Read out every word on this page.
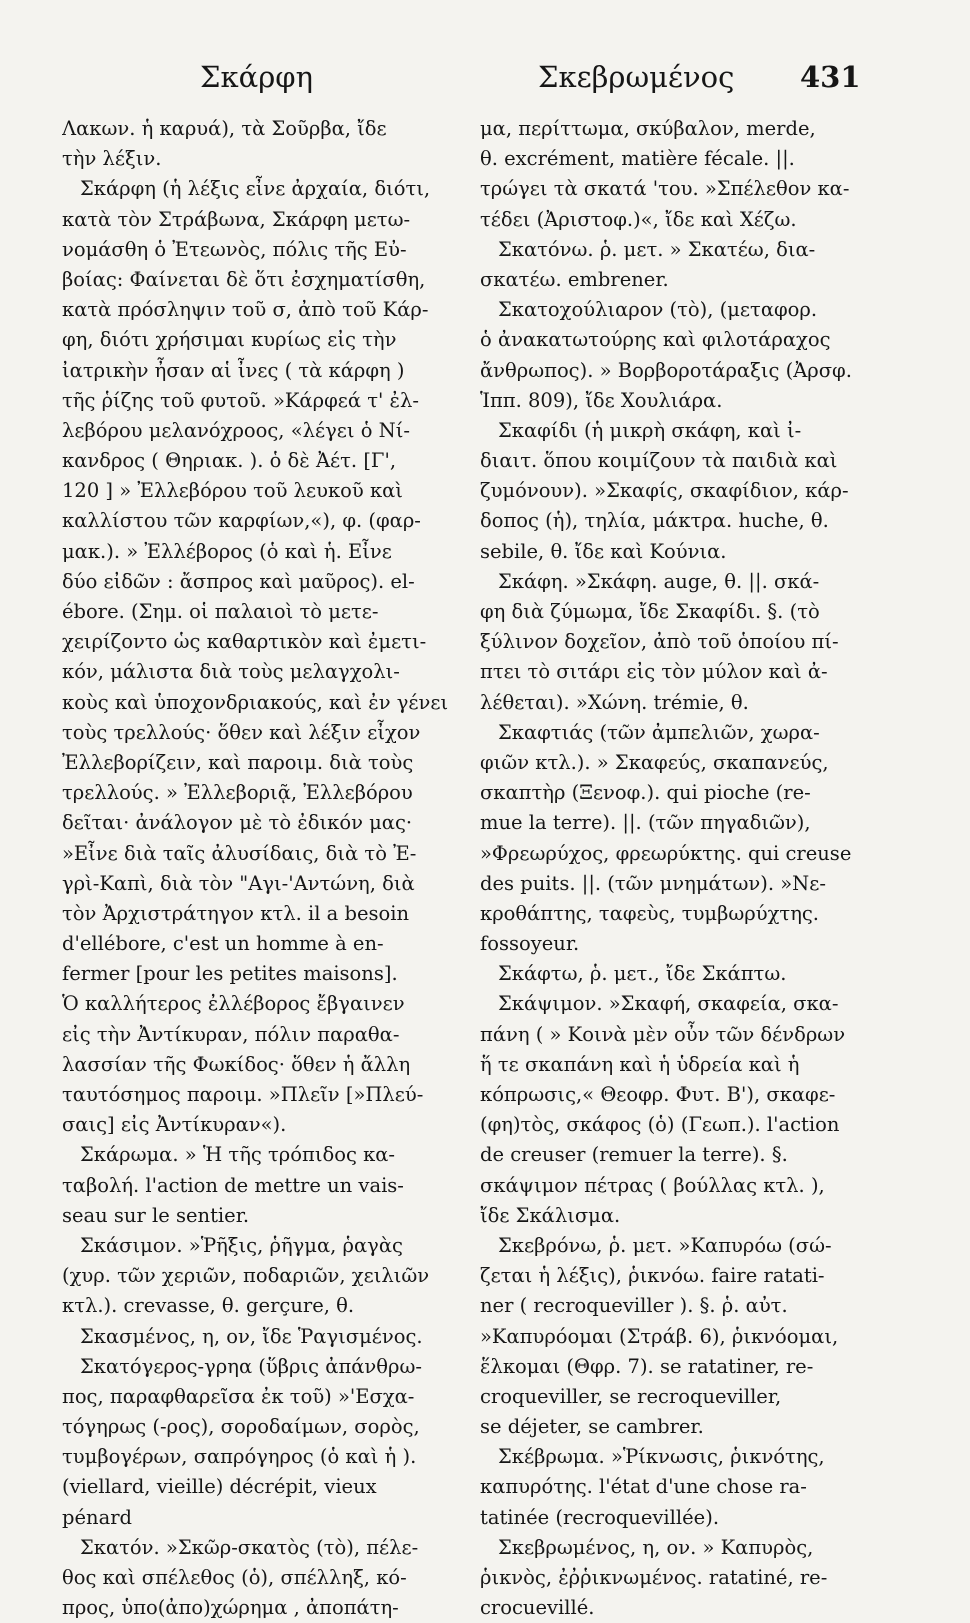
Σκάρφη	Σκεβρωμένος 431
Λακων. ἡ καρυά), τὰ Σοῦρβα, ἴδε
τὴν λέξιν.
Σκάρφη (ἡ λέξις εἶνε ἀρχαία, διότι,
κατὰ τὸν Στράβωνα, Σκάρφη μετω-
νομάσθη ὁ Ἐτεωνὸς, πόλις τῆς Εὐ-
βοίας: Φαίνεται δὲ ὅτι ἐσχηματίσθη,
κατὰ πρόσληψιν τοῦ σ, ἀπὸ τοῦ Κάρ-
φη, διότι χρήσιμαι κυρίως εἰς τὴν
ἰατρικὴν ἦσαν αἱ ἶνες ( τὰ κάρφη )
τῆς ῥίζης τοῦ φυτοῦ. »Κάρφεά τ' ἐλ-
λεβόρου μελανόχροος, «λέγει ὁ Νί-
κανδρος ( Θηριακ. ). ὁ δὲ Ἀέτ. [Γ',
120 ] » Ἐλλεβόρου τοῦ λευκοῦ καὶ
καλλίστου τῶν καρφίων,«), φ. (φαρ-
μακ.). » Ἐλλέβορος (ὁ καὶ ἡ. Εἶνε
δύο εἰδῶν : ἄσπρος καὶ μαῦρος). el-
ébore. (Σημ. οἱ παλαιοὶ τὸ μετε-
χειρίζοντο ὡς καθαρτικὸν καὶ ἐμετι-
κόν, μάλιστα διὰ τοὺς μελαγχολι-
κοὺς καὶ ὑποχονδριακούς, καὶ ἐν γένει
τοὺς τρελλούς· ὅθεν καὶ λέξιν εἶχον
Ἐλλεβορίζειν, καὶ παροιμ. διὰ τοὺς
τρελλούς. » Ἐλλεβοριᾷ, Ἐλλεβόρου
δεῖται· ἀνάλογον μὲ τὸ ἐδικόν μας·
»Εἶνε διὰ ταῖς ἀλυσίδαις, διὰ τὸ Ἐ-
γρὶ-Καπὶ, διὰ τὸν "Αγι-'Αντώνη, διὰ
τὸν Ἀρχιστράτηγον κτλ. il a besoin
d'ellébore, c'est un homme à en-
fermer [pour les petites maisons].
Ὁ καλλήτερος ἐλλέβορος ἔβγαινεν
εἰς τὴν Ἀντίκυραν, πόλιν παραθα-
λασσίαν τῆς Φωκίδος· ὅθεν ἡ ἄλλη
ταυτόσημος παροιμ. »Πλεῖν [»Πλεύ-
σαις] εἰς Ἀντίκυραν«).
Σκάρωμα. » Ἡ τῆς τρόπιδος κα-
ταβολή. l'action de mettre un vais-
seau sur le sentier.
Σκάσιμον. »Ῥῆξις, ῥῆγμα, ῥαγὰς
(χυρ. τῶν χεριῶν, ποδαριῶν, χειλιῶν
κτλ.). crevasse, θ. gerçure, θ.
Σκασμένος, η, ον, ἴδε Ῥαγισμένος.
Σκατόγερος-γρηα (ὕβρις ἀπάνθρω-
πος, παραφθαρεῖσα ἐκ τοῦ) »'Εσχα-
τόγηρως (-ρος), σοροδαίμων, σορὸς,
τυμβογέρων, σαπρόγηρος (ὁ καὶ ἡ ).
(viellard, vieille) décrépit, vieux
pénard
Σκατόν. »Σκῶρ-σκατὸς (τὸ), πέλε-
θος καὶ σπέλεθος (ὁ), σπέλληξ, κό-
προς, ὑπο(ἀπο)χώρημα , ἀποπάτη-
μα, περίττωμα, σκύβαλον, merde,
θ. excrément, matière fécale. ||.
τρώγει τὰ σκατά 'του. »Σπέλεθον κα-
τέδει (Ἀριστοφ.)«, ἴδε καὶ Χέζω.
Σκατόνω. ῥ. μετ. » Σκατέω, δια-
σκατέω. embrener.
Σκατοχούλιαρον (τὸ), (μεταφορ.
ὁ ἀνακατωτούρης καὶ φιλοτάραχος
ἄνθρωπος). » Βορβοροτάραξις (Ἀρσφ.
Ἱππ. 809), ἴδε Χουλιάρα.
Σκαφίδι (ἡ μικρὴ σκάφη, καὶ ἰ-
διαιτ. ὅπου κοιμίζουν τὰ παιδιὰ καὶ
ζυμόνουν). »Σκαφίς, σκαφίδιον, κάρ-
δοπος (ἡ), τηλία, μάκτρα. huche, θ.
sebile, θ. ἴδε καὶ Κούνια.
Σκάφη. »Σκάφη. auge, θ. ||. σκά-
φη διὰ ζύμωμα, ἴδε Σκαφίδι. §. (τὸ
ξύλινον δοχεῖον, ἀπὸ τοῦ ὁποίου πί-
πτει τὸ σιτάρι εἰς τὸν μύλον καὶ ἀ-
λέθεται). »Χώνη. trémie, θ.
Σκαφτιάς (τῶν ἀμπελιῶν, χωρα-
φιῶν κτλ.). » Σκαφεύς, σκαπανεύς,
σκαπτὴρ (Ξενοφ.). qui pioche (re-
mue la terre). ||. (τῶν πηγαδιῶν),
»Φρεωρύχος, φρεωρύκτης. qui creuse
des puits. ||. (τῶν μνημάτων). »Νε-
κροθάπτης, ταφεὺς, τυμβωρύχτης.
fossoyeur.
Σκάφτω, ῥ. μετ., ἴδε Σκάπτω.
Σκάψιμον. »Σκαφή, σκαφεία, σκα-
πάνη ( » Κοινὰ μὲν οὖν τῶν δένδρων
ἥ τε σκαπάνη καὶ ἡ ὑδρεία καὶ ἡ
κόπρωσις,« Θεοφρ. Φυτ. Β'), σκαφε-
(φη)τὸς, σκάφος (ὁ) (Γεωπ.). l'action
de creuser (remuer la terre). §.
σκάψιμον πέτρας ( βούλλας κτλ. ),
ἴδε Σκάλισμα.
Σκεβρόνω, ῥ. μετ. »Καπυρόω (σώ-
ζεται ἡ λέξις), ῥικνόω. faire ratati-
ner ( recroqueviller ). §. ῥ. αὐτ.
»Καπυρόομαι (Στράβ. 6), ῥικνόομαι,
ἕλκομαι (Θφρ. 7). se ratatiner, re-
croqueviller, se recroqueviller,
se déjeter, se cambrer.
Σκέβρωμα. »Ῥίκνωσις, ῥικνότης,
καπυρότης. l'état d'une chose ra-
tatinée (recroquevillée).
Σκεβρωμένος, η, ον. » Καπυρὸς,
ῥικνὸς, ἐῤῥικνωμένος. ratatiné, re-
crocuevillé.
